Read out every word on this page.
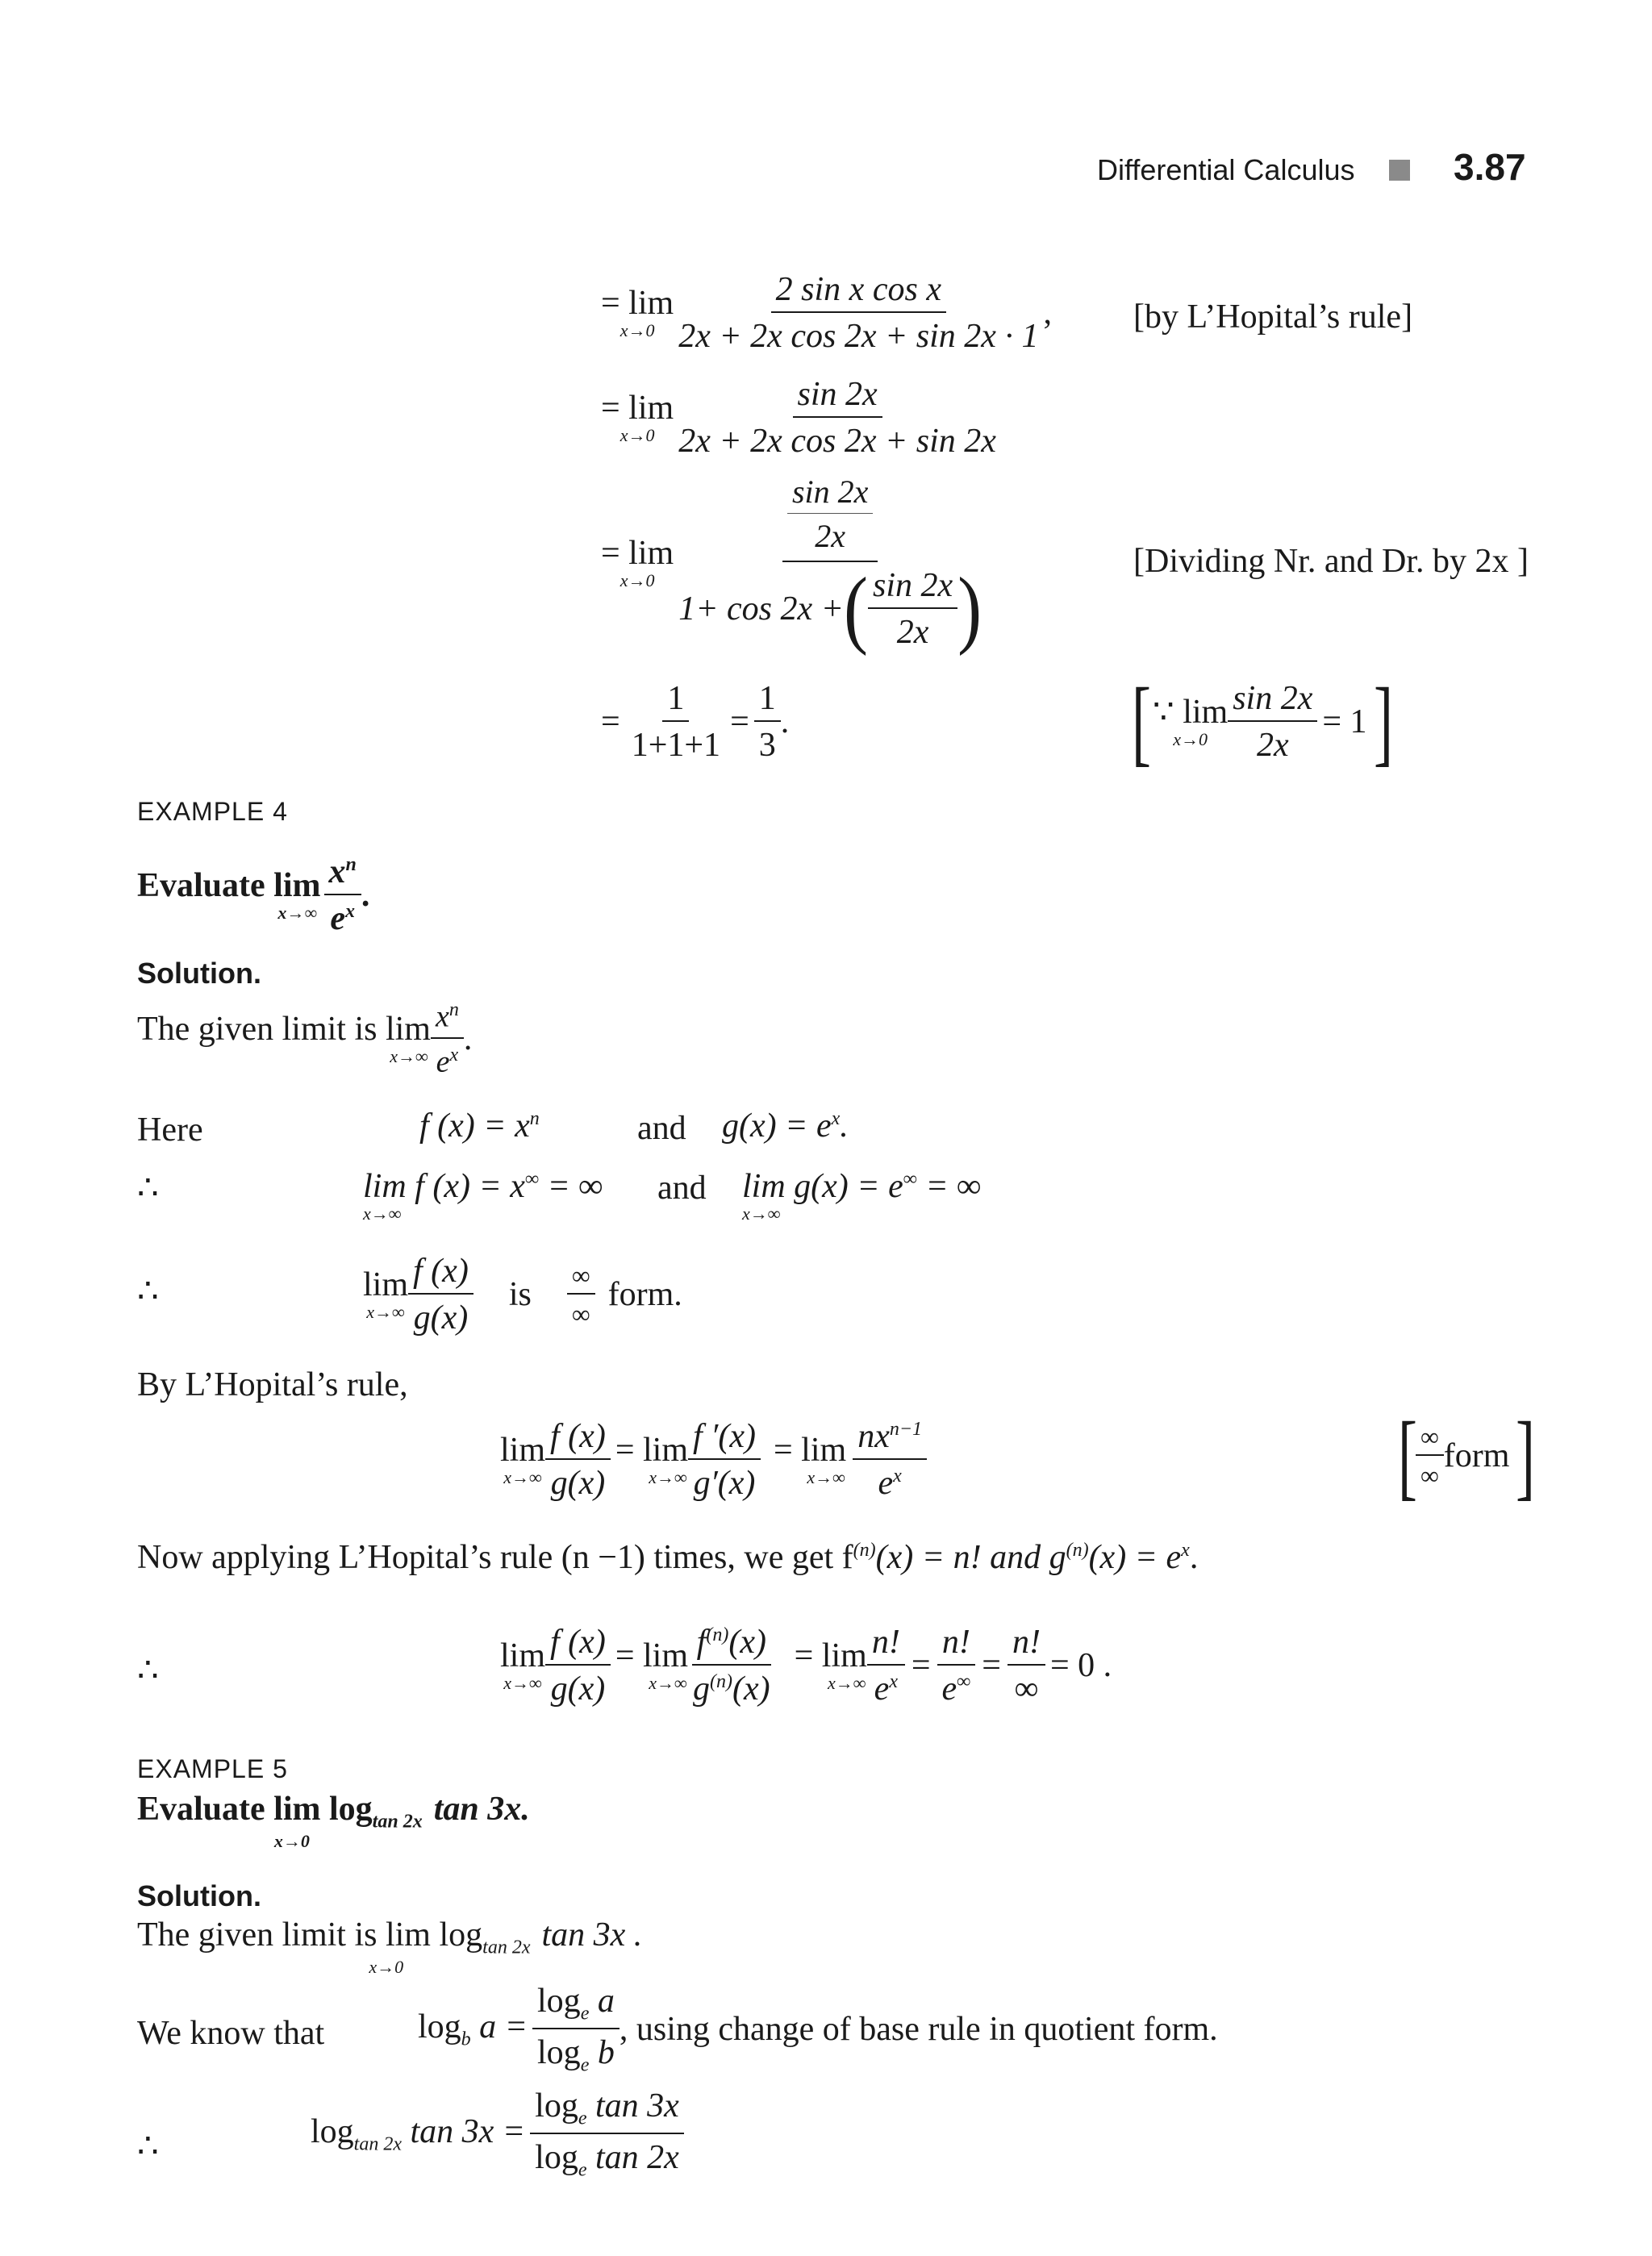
Differential Calculus	3.87
= lim
$x\to 0 \frac{\text{2 sin x cos x}}{\text{2x + 2x cos 2x + sin 2x · 1}}$ , [by L’Hopital’s rule]
= lim
$x\to 0 \frac{\sin 2x}{\text{2x + 2x cos 2x + sin 2x}}$
= lim
x→0
$\frac{\sin 2x}{2x}$
1+ cos 2x + ( $\frac{\sin 2x}{2x}$ )	[Dividing Nr. and Dr. by 2x ]
= $\frac{1}{1+1+1} = \frac{1}{3}$ .	[ ∵ lim
$x\to 0 \frac{\sin 2x}{2x} = 1$ ]
EXAMPLE 4
Evaluate lim
$x\to\infty \frac{x^n}{e^x}$ .
Solution.
The given limit is lim
$x\to\infty \frac{x^n}{e^x}$ .
Here	f $(x) = x^n$	and $g(x) = e^x$.
∴	lim f (x) = x∞ = ∞
x→∞
and lim g(x) = e∞ = ∞
x→∞
∴	lim
$x\to\infty \frac{f (x)}{g(x)}$ is $\frac{\infty}{\infty}$ form.
By L’Hopital’s rule,
lim
$x\to\infty \frac{f (x)}{g(x)} = \lim$
$x\to\infty \frac{f '(x)}{g'(x)} = \lim$
$x\to\infty \frac{nx^{n-1}}{e^x}$	[
$\frac{\infty}{\infty}$ form ]
Now applying L’Hopital’s rule (n −1) times, we get $f^{(n)}(x) = n$! and $g^{(n)}(x) = e^x$.
∴	lim
$x\to\infty \frac{f (x)}{g(x)} = \lim$
$x\to\infty \frac{f^{(n)}(x)}{g^{(n)}(x)} = \lim$
$x\to\infty \frac{n!}{e^x} = \frac{n!}{e^\infty} = \frac{n!}{\infty} = 0$ .
EXAMPLE 5
Evaluate $\lim \log_{tan 2x}$
x→0
tan 3x.
Solution.
The given limit is $\lim \log_{tan 2x}$
x→0
tan 3x .
We know that	$\log_b a = \frac{\log_e a}{\log_e b}$ , using change of base rule in quotient form.
∴	$\log_{tan 2x} \tan 3x = \frac{\log_e \tan 3x}{\log_e \tan 2x}$
